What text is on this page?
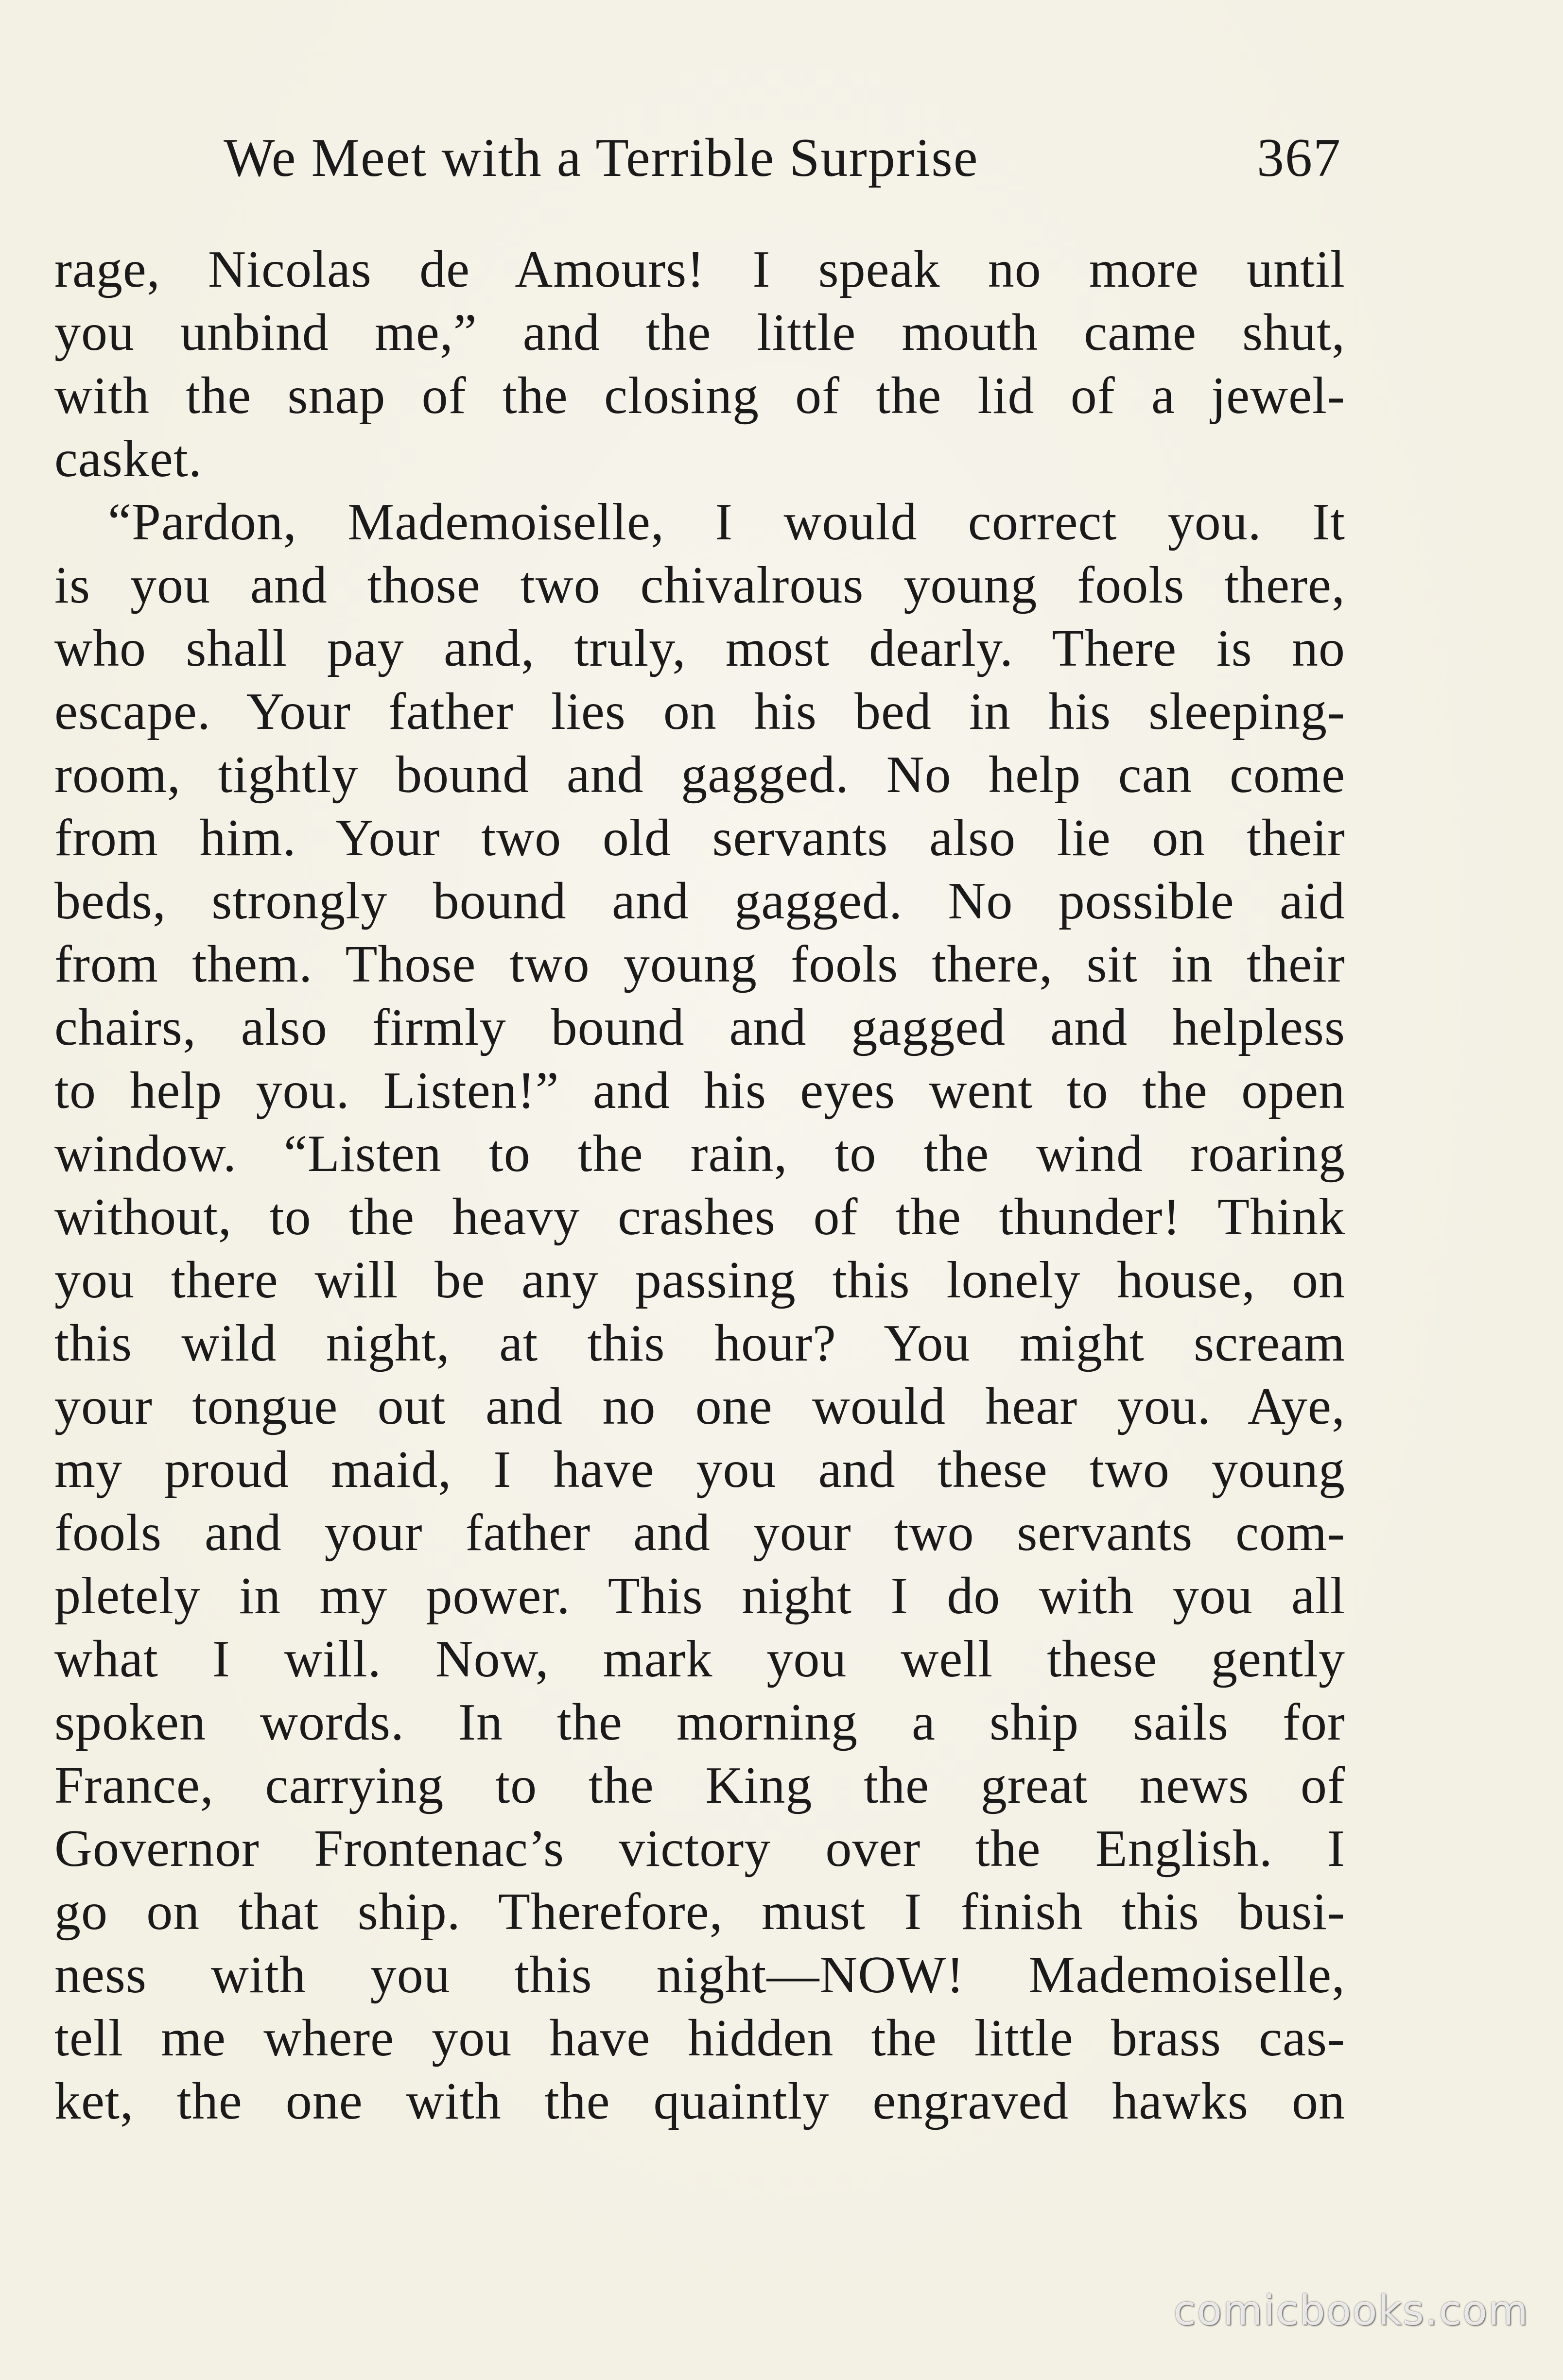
We Meet with a Terrible Surprise	367
rage, Nicolas de Amours! I speak no more until
you unbind me,” and the little mouth came shut,
with the snap of the closing of the lid of a jewel-
casket.
“Pardon, Mademoiselle, I would correct you. It
is you and those two chivalrous young fools there,
who shall pay and, truly, most dearly. There is no
escape. Your father lies on his bed in his sleeping-
room, tightly bound and gagged. No help can come
from him. Your two old servants also lie on their
beds, strongly bound and gagged. No possible aid
from them. Those two young fools there, sit in their
chairs, also firmly bound and gagged and helpless
to help you. Listen!” and his eyes went to the open
window. “Listen to the rain, to the wind roaring
without, to the heavy crashes of the thunder! Think
you there will be any passing this lonely house, on
this wild night, at this hour? You might scream
your tongue out and no one would hear you. Aye,
my proud maid, I have you and these two young
fools and your father and your two servants com-
pletely in my power. This night I do with you all
what I will. Now, mark you well these gently
spoken words. In the morning a ship sails for
France, carrying to the King the great news of
Governor Frontenac’s victory over the English. I
go on that ship. Therefore, must I finish this busi-
ness with you this night—NOW! Mademoiselle,
tell me where you have hidden the little brass cas-
ket, the one with the quaintly engraved hawks on
comicbooks.com
